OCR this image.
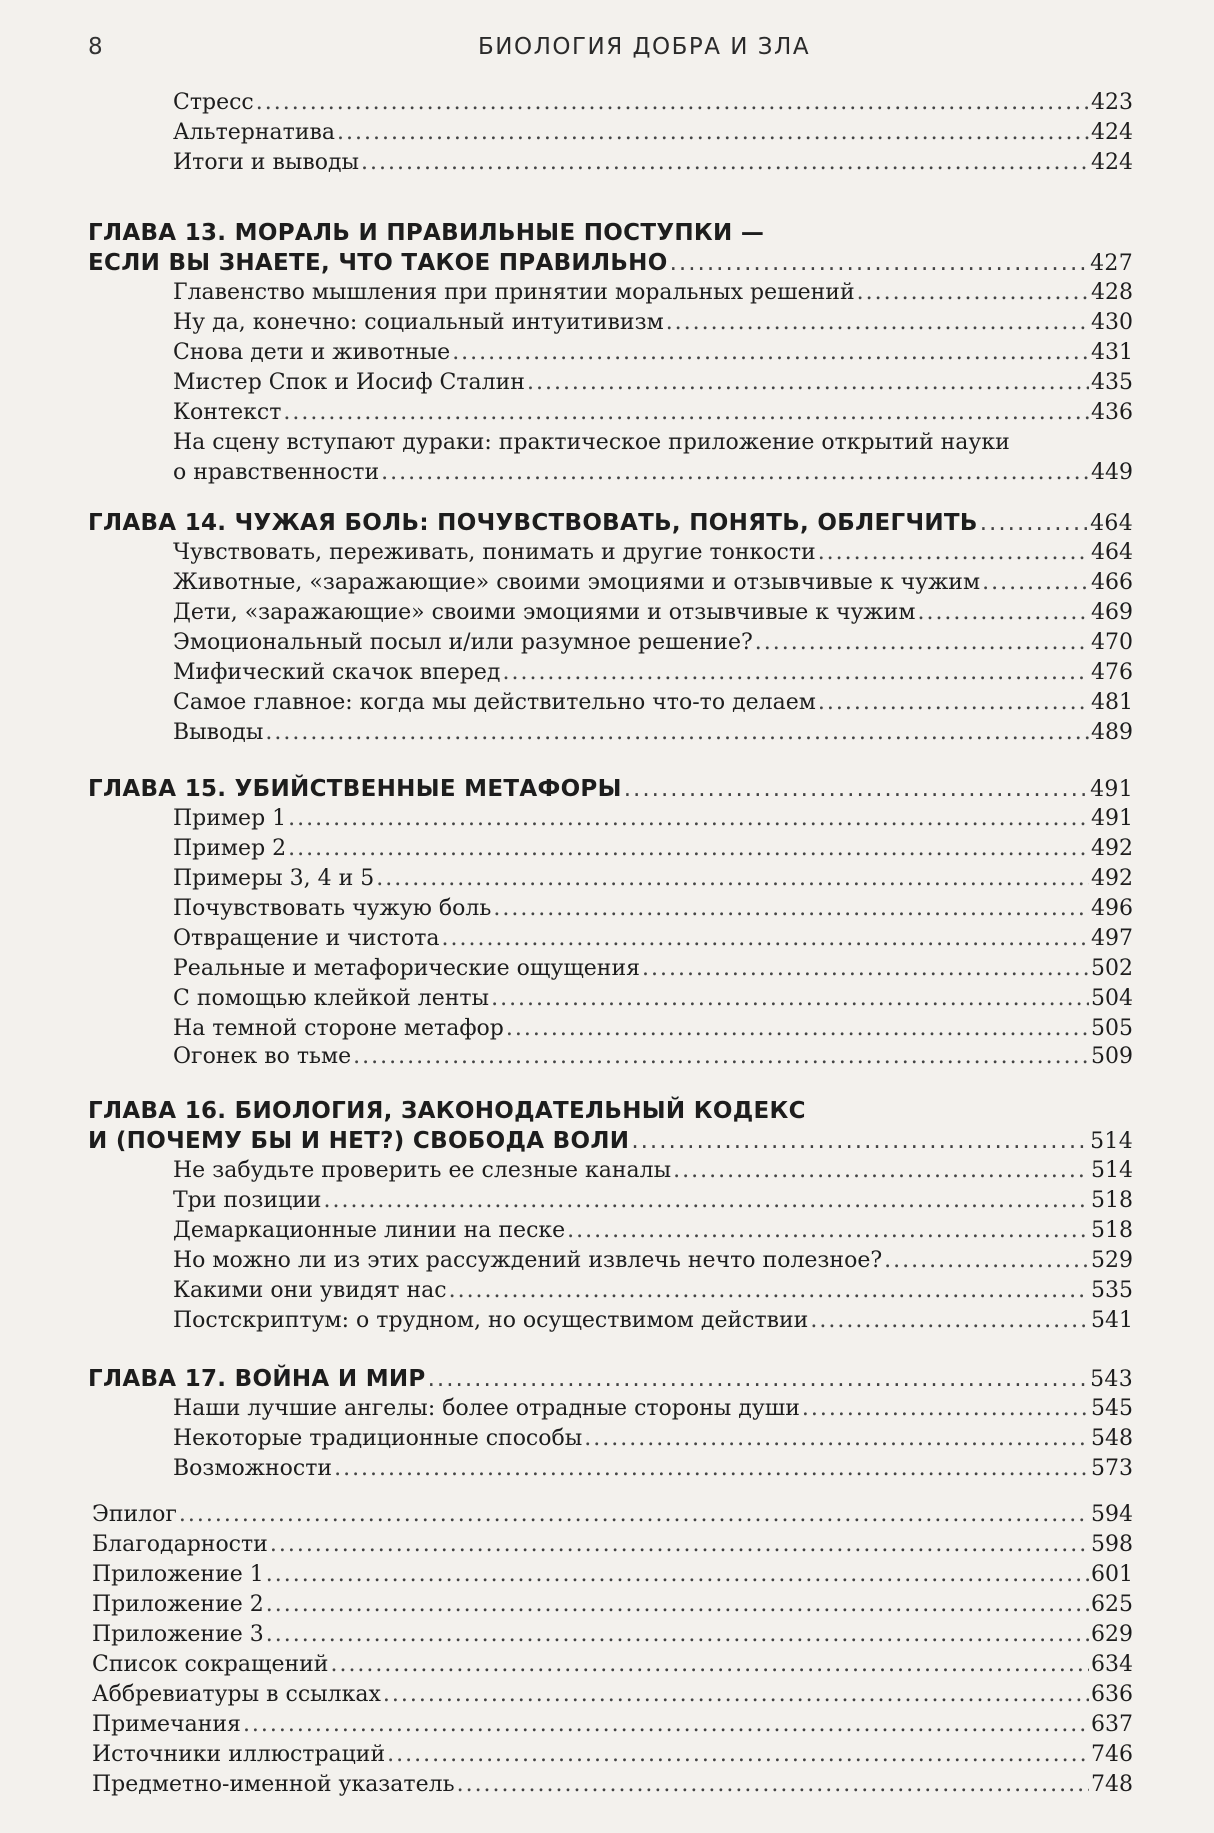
8	БИОЛОГИЯ ДОБРА И ЗЛА
Стресс .....	423
Альтернатива .....	424
Итоги и выводы .....	424
ГЛАВА 13. МОРАЛЬ И ПРАВИЛЬНЫЕ ПОСТУПКИ —
ЕСЛИ ВЫ ЗНАЕТЕ, ЧТО ТАКОЕ ПРАВИЛЬНО .....	427
Главенство мышления при принятии моральных решений .....	428
Ну да, конечно: социальный интуитивизм .....	430
Снова дети и животные .....	431
Мистер Спок и Иосиф Сталин .....	435
Контекст .....	436
На сцену вступают дураки: практическое приложение открытий науки
о нравственности .....	449
ГЛАВА 14. ЧУЖАЯ БОЛЬ: ПОЧУВСТВОВАТЬ, ПОНЯТЬ, ОБЛЕГЧИТЬ .....	464
Чувствовать, переживать, понимать и другие тонкости .....	464
Животные, «заражающие» своими эмоциями и отзывчивые к чужим .....	466
Дети, «заражающие» своими эмоциями и отзывчивые к чужим .....	469
Эмоциональный посыл и/или разумное решение? .....	470
Мифический скачок вперед .....	476
Самое главное: когда мы действительно что-то делаем .....	481
Выводы .....	489
ГЛАВА 15. УБИЙСТВЕННЫЕ МЕТАФОРЫ .....	491
Пример 1 .....	491
Пример 2 .....	492
Примеры 3, 4 и 5 .....	492
Почувствовать чужую боль .....	496
Отвращение и чистота .....	497
Реальные и метафорические ощущения .....	502
С помощью клейкой ленты .....	504
На темной стороне метафор .....	505
Огонек во тьме .....	509
ГЛАВА 16. БИОЛОГИЯ, ЗАКОНОДАТЕЛЬНЫЙ КОДЕКС
И (ПОЧЕМУ БЫ И НЕТ?) СВОБОДА ВОЛИ .....	514
Не забудьте проверить ее слезные каналы .....	514
Три позиции .....	518
Демаркационные линии на песке .....	518
Но можно ли из этих рассуждений извлечь нечто полезное? .....	529
Какими они увидят нас .....	535
Постскриптум: о трудном, но осуществимом действии .....	541
ГЛАВА 17. ВОЙНА И МИР .....	543
Наши лучшие ангелы: более отрадные стороны души .....	545
Некоторые традиционные способы .....	548
Возможности .....	573
Эпилог .....	594
Благодарности .....	598
Приложение 1 .....	601
Приложение 2 .....	625
Приложение 3 .....	629
Список сокращений .....	634
Аббревиатуры в ссылках .....	636
Примечания .....	637
Источники иллюстраций .....	746
Предметно-именной указатель .....	748
